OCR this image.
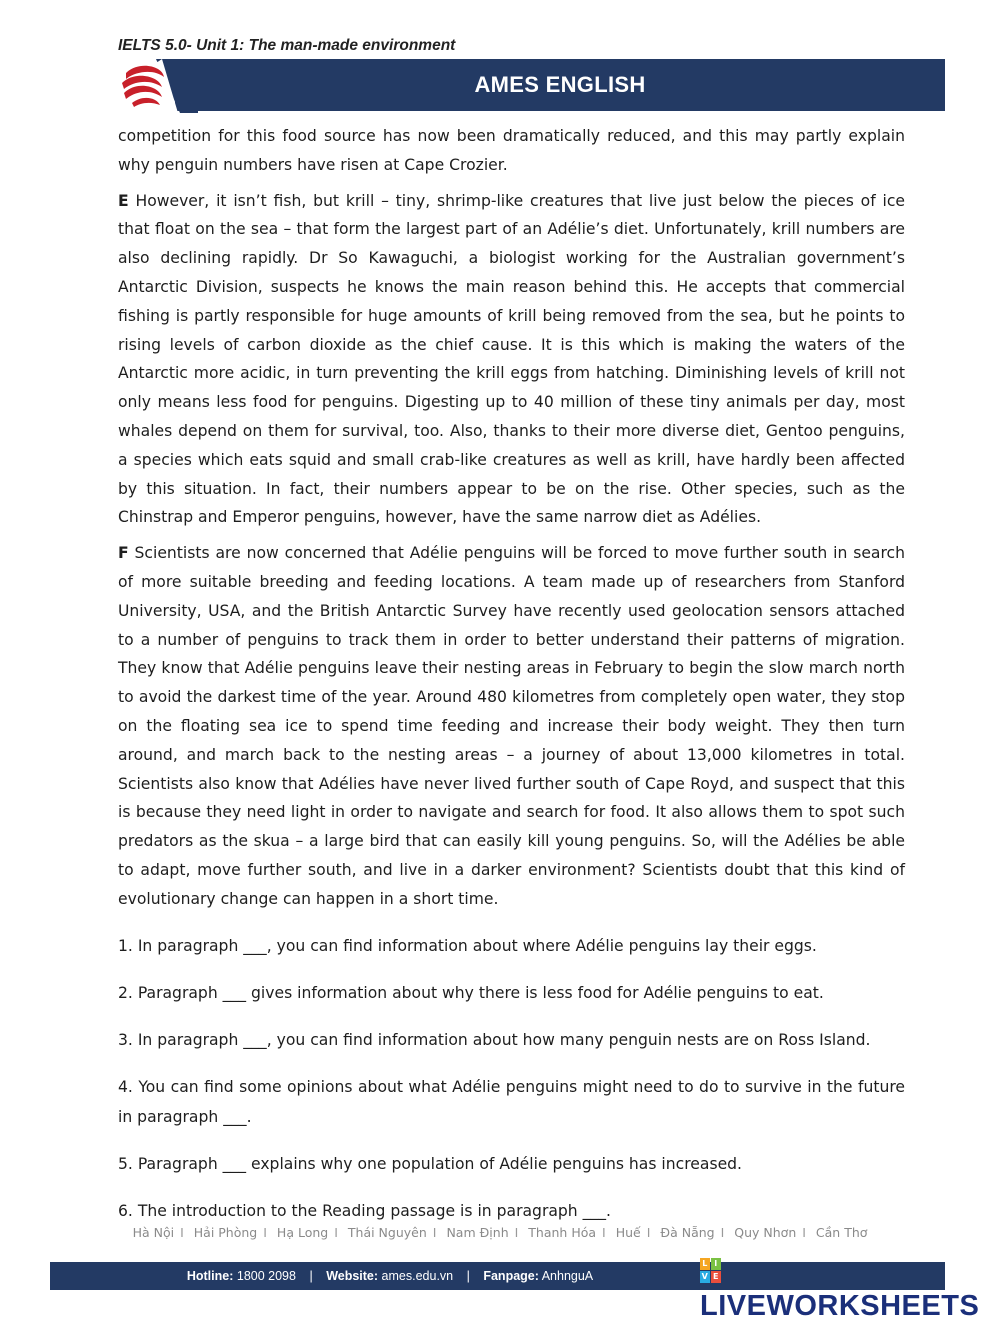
IELTS 5.0- Unit 1: The man-made environment
AMES ENGLISH

competition for this food source has now been dramatically reduced, and this may partly explain why penguin numbers have risen at Cape Crozier.

E However, it isn’t fish, but krill – tiny, shrimp-like creatures that live just below the pieces of ice that float on the sea – that form the largest part of an Adélie’s diet. Unfortunately, krill numbers are also declining rapidly. Dr So Kawaguchi, a biologist working for the Australian government’s Antarctic Division, suspects he knows the main reason behind this. He accepts that commercial fishing is partly responsible for huge amounts of krill being removed from the sea, but he points to rising levels of carbon dioxide as the chief cause. It is this which is making the waters of the Antarctic more acidic, in turn preventing the krill eggs from hatching. Diminishing levels of krill not only means less food for penguins. Digesting up to 40 million of these tiny animals per day, most whales depend on them for survival, too. Also, thanks to their more diverse diet, Gentoo penguins, a species which eats squid and small crab-like creatures as well as krill, have hardly been affected by this situation. In fact, their numbers appear to be on the rise. Other species, such as the Chinstrap and Emperor penguins, however, have the same narrow diet as Adélies.

F Scientists are now concerned that Adélie penguins will be forced to move further south in search of more suitable breeding and feeding locations. A team made up of researchers from Stanford University, USA, and the British Antarctic Survey have recently used geolocation sensors attached to a number of penguins to track them in order to better understand their patterns of migration. They know that Adélie penguins leave their nesting areas in February to begin the slow march north to avoid the darkest time of the year. Around 480 kilometres from completely open water, they stop on the floating sea ice to spend time feeding and increase their body weight. They then turn around, and march back to the nesting areas – a journey of about 13,000 kilometres in total. Scientists also know that Adélies have never lived further south of Cape Royd, and suspect that this is because they need light in order to navigate and search for food. It also allows them to spot such predators as the skua – a large bird that can easily kill young penguins. So, will the Adélies be able to adapt, move further south, and live in a darker environment? Scientists doubt that this kind of evolutionary change can happen in a short time.

1. In paragraph ___, you can find information about where Adélie penguins lay their eggs.

2. Paragraph ___ gives information about why there is less food for Adélie penguins to eat.

3. In paragraph ___, you can find information about how many penguin nests are on Ross Island.

4. You can find some opinions about what Adélie penguins might need to do to survive in the future in paragraph ___.

5. Paragraph ___ explains why one population of Adélie penguins has increased.

6. The introduction to the Reading passage is in paragraph ___.

Hà Nội I Hải Phòng I Hạ Long I Thái Nguyên I Nam Định I Thanh Hóa I Huế I Đà Nẵng I Quy Nhơn I Cần Thơ
Hotline: 1800 2098 | Website: ames.edu.vn | Fanpage: AnhnguA
L I
V E
LIVEWORKSHEETS
